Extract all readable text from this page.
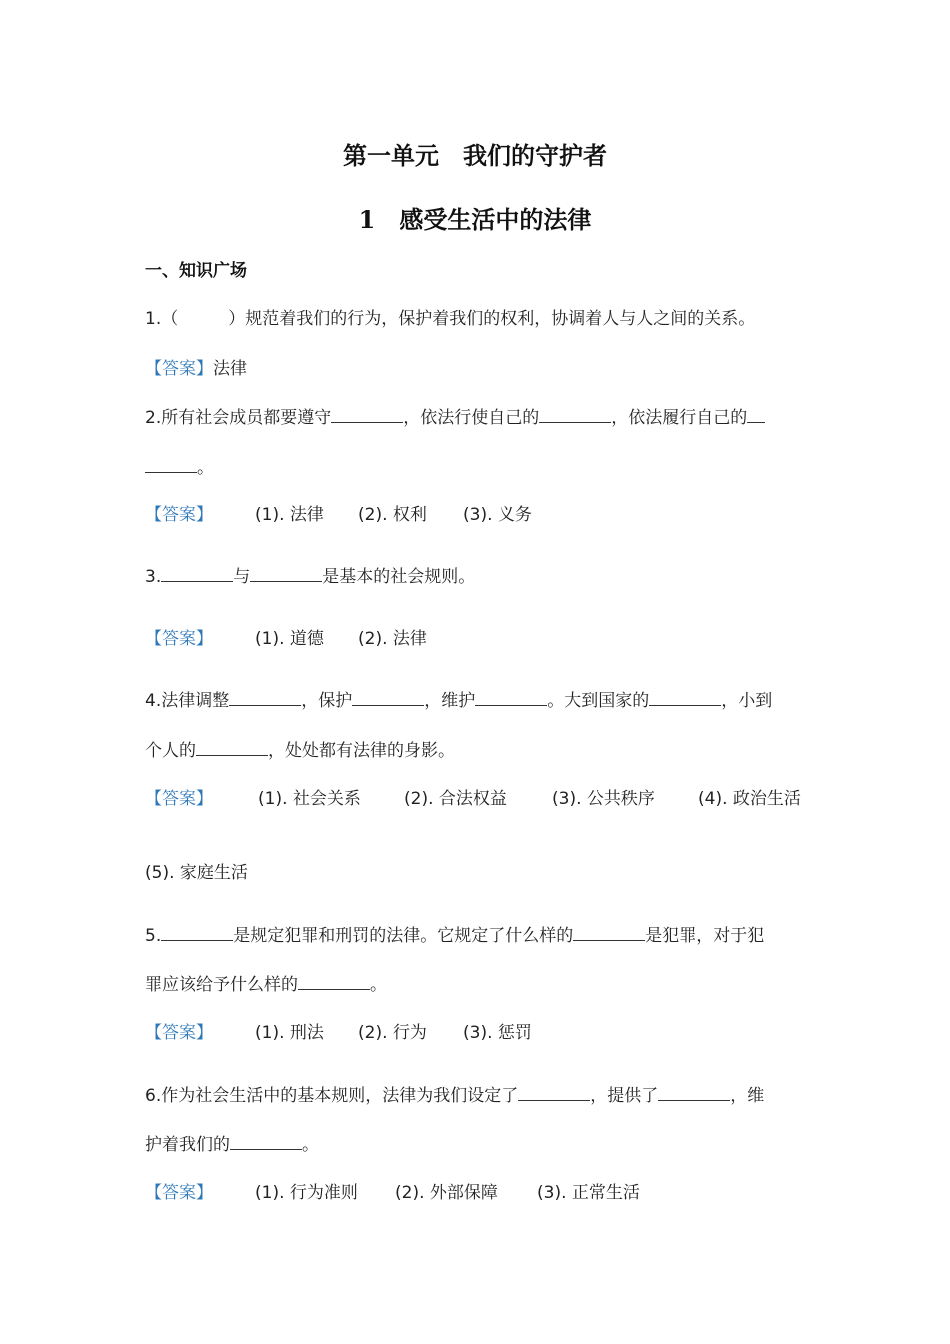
第一单元　我们的守护者
1　感受生活中的法律
一、知识广场
1.（	）规范着我们的行为，保护着我们的权利，协调着人与人之间的关系。
【答案】法律
2.所有社会成员都要遵守	，依法行使自己的	，依法履行自己的
。
【答案】 (1). 法律 (2). 权利 (3). 义务
3.	与	是基本的社会规则。
【答案】 (1). 道德 (2). 法律
4.法律调整	，保护	，维护	。大到国家的	，小到
个人的	，处处都有法律的身影。
【答案】	(1). 社会关系	(2). 合法权益	(3). 公共秩序	(4). 政治生活
(5). 家庭生活
5.	是规定犯罪和刑罚的法律。它规定了什么样的	是犯罪，对于犯
罪应该给予什么样的	。
【答案】 (1). 刑法 (2). 行为 (3). 惩罚
6.作为社会生活中的基本规则，法律为我们设定了	，提供了	，维
护着我们的	。
【答案】 (1). 行为准则 (2). 外部保障 (3). 正常生活
